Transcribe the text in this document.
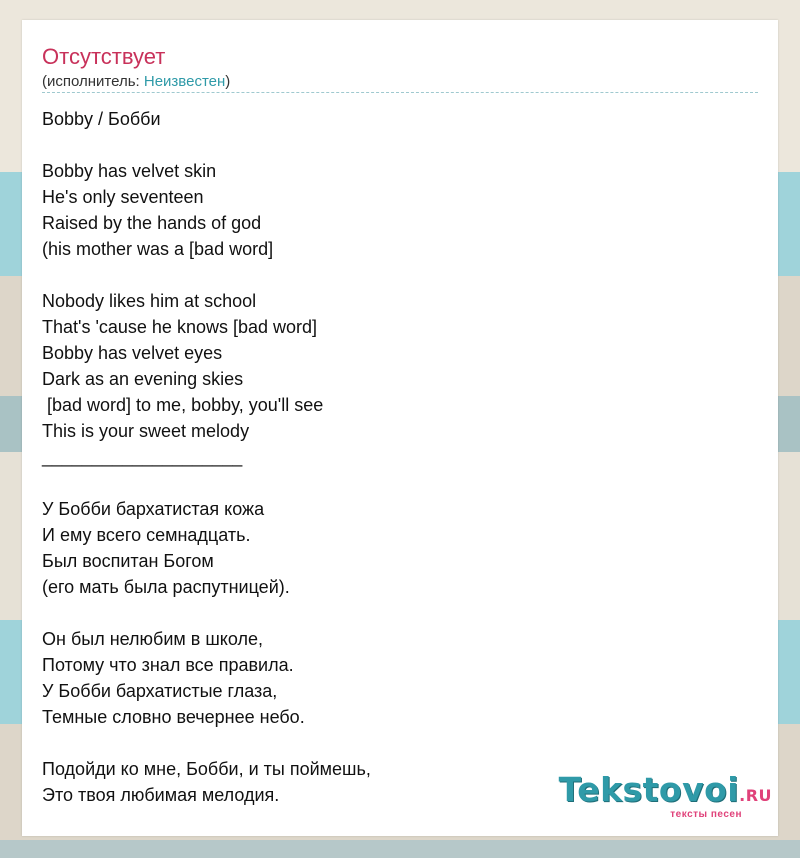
Отсутствует
(исполнитель: Неизвестен)
Bobby / Бобби
Bobby has velvet skin
He's only seventeen
Raised by the hands of god
(his mother was a [bad word]
Nobody likes him at school
That's 'cause he knows [bad word]
Bobby has velvet eyes
Dark as an evening skies
[bad word] to me, bobby, you'll see
This is your sweet melody
____________________
У Бобби бархатистая кожа
И ему всего семнадцать.
Был воспитан Богом
(его мать была распутницей).
Он был нелюбим в школе,
Потому что знал все правила.
У Бобби бархатистые глаза,
Темные словно вечернее небо.
Подойди ко мне, Бобби, и ты поймешь,
Это твоя любимая мелодия.	Tekstovoi.RU
тексты песен
